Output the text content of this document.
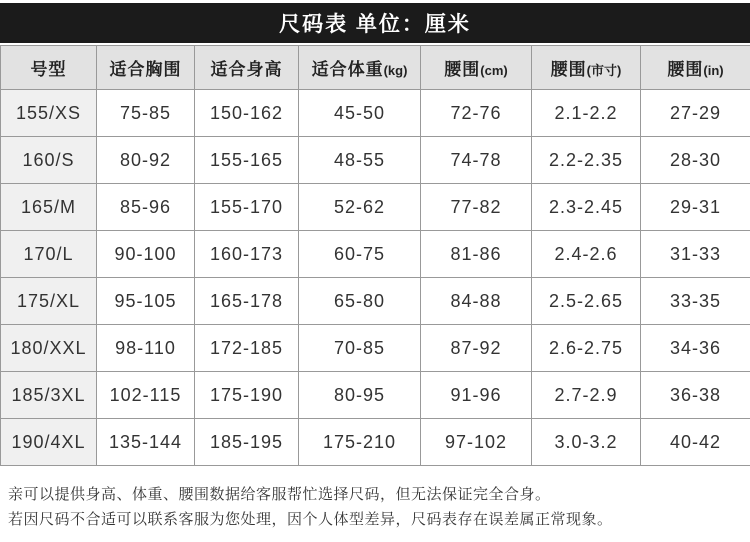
尺码表 单位：厘米
号型	适合胸围	适合身高	适合体重(kg)	腰围(cm)	腰围(市寸)	腰围(in)
155/XS	75-85	150-162	45-50	72-76	2.1-2.2	27-29
160/S	80-92	155-165	48-55	74-78	2.2-2.35	28-30
165/M	85-96	155-170	52-62	77-82	2.3-2.45	29-31
170/L	90-100	160-173	60-75	81-86	2.4-2.6	31-33
175/XL	95-105	165-178	65-80	84-88	2.5-2.65	33-35
180/XXL	98-110	172-185	70-85	87-92	2.6-2.75	34-36
185/3XL	102-115	175-190	80-95	91-96	2.7-2.9	36-38
190/4XL	135-144	185-195	175-210	97-102	3.0-3.2	40-42
亲可以提供身高、体重、腰围数据给客服帮忙选择尺码，但无法保证完全合身。
若因尺码不合适可以联系客服为您处理，因个人体型差异，尺码表存在误差属正常现象。
